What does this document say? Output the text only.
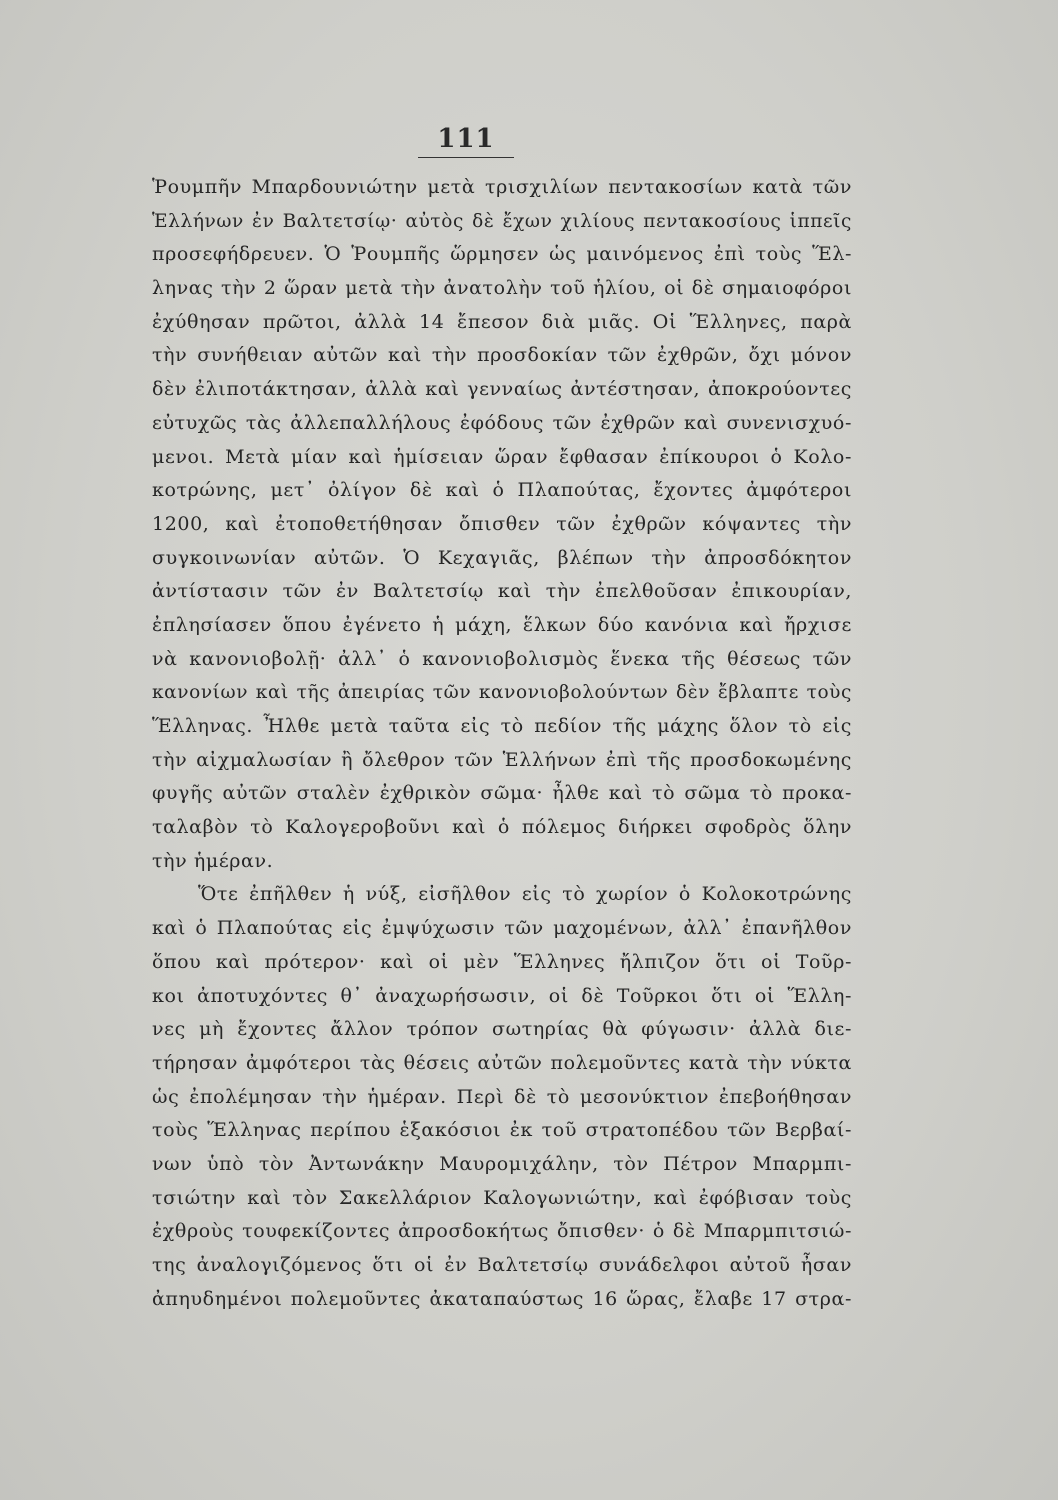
111
Ῥουμπῆν Μπαρδουνιώτην μετὰ τρισχιλίων πεντακοσίων κατὰ τῶν
Ἑλλήνων ἐν Βαλτετσίῳ· αὐτὸς δὲ ἔχων χιλίους πεντακοσίους ἱππεῖς
προσεφήδρευεν. Ὁ Ῥουμπῆς ὥρμησεν ὡς μαινόμενος ἐπὶ τοὺς Ἕλ-
ληνας τὴν 2 ὥραν μετὰ τὴν ἀνατολὴν τοῦ ἡλίου, οἱ δὲ σημαιοφόροι
ἐχύθησαν πρῶτοι, ἀλλὰ 14 ἔπεσον διὰ μιᾶς. Οἱ Ἕλληνες, παρὰ
τὴν συνήθειαν αὐτῶν καὶ τὴν προσδοκίαν τῶν ἐχθρῶν, ὄχι μόνον
δὲν ἐλιποτάκτησαν, ἀλλὰ καὶ γενναίως ἀντέστησαν, ἀποκρούοντες
εὐτυχῶς τὰς ἀλλεπαλλήλους ἐφόδους τῶν ἐχθρῶν καὶ συνενισχυό-
μενοι. Μετὰ μίαν καὶ ἡμίσειαν ὥραν ἔφθασαν ἐπίκουροι ὁ Κολο-
κοτρώνης, μετ᾽ ὀλίγον δὲ καὶ ὁ Πλαπούτας, ἔχοντες ἀμφότεροι
1200, καὶ ἐτοποθετήθησαν ὄπισθεν τῶν ἐχθρῶν κόψαντες τὴν
συγκοινωνίαν αὐτῶν. Ὁ Κεχαγιᾶς, βλέπων τὴν ἀπροσδόκητον
ἀντίστασιν τῶν ἐν Βαλτετσίῳ καὶ τὴν ἐπελθοῦσαν ἐπικουρίαν,
ἐπλησίασεν ὅπου ἐγένετο ἡ μάχη, ἕλκων δύο κανόνια καὶ ἤρχισε
νὰ κανονιοβολῇ· ἀλλ᾽ ὁ κανονιοβολισμὸς ἕνεκα τῆς θέσεως τῶν
κανονίων καὶ τῆς ἀπειρίας τῶν κανονιοβολούντων δὲν ἔβλαπτε τοὺς
Ἕλληνας. Ἦλθε μετὰ ταῦτα εἰς τὸ πεδίον τῆς μάχης ὅλον τὸ εἰς
τὴν αἰχμαλωσίαν ἢ ὄλεθρον τῶν Ἑλλήνων ἐπὶ τῆς προσδοκωμένης
φυγῆς αὐτῶν σταλὲν ἐχθρικὸν σῶμα· ἦλθε καὶ τὸ σῶμα τὸ προκα-
ταλαβὸν τὸ Καλογεροβοῦνι καὶ ὁ πόλεμος διήρκει σφοδρὸς ὅλην
τὴν ἡμέραν.
Ὅτε ἐπῆλθεν ἡ νύξ, εἰσῆλθον εἰς τὸ χωρίον ὁ Κολοκοτρώνης
καὶ ὁ Πλαπούτας εἰς ἐμψύχωσιν τῶν μαχομένων, ἀλλ᾽ ἐπανῆλθον
ὅπου καὶ πρότερον· καὶ οἱ μὲν Ἕλληνες ἤλπιζον ὅτι οἱ Τοῦρ-
κοι ἀποτυχόντες θ᾽ ἀναχωρήσωσιν, οἱ δὲ Τοῦρκοι ὅτι οἱ Ἕλλη-
νες μὴ ἔχοντες ἄλλον τρόπον σωτηρίας θὰ φύγωσιν· ἀλλὰ διε-
τήρησαν ἀμφότεροι τὰς θέσεις αὐτῶν πολεμοῦντες κατὰ τὴν νύκτα
ὡς ἐπολέμησαν τὴν ἡμέραν. Περὶ δὲ τὸ μεσονύκτιον ἐπεβοήθησαν
τοὺς Ἕλληνας περίπου ἑξακόσιοι ἐκ τοῦ στρατοπέδου τῶν Βερβαί-
νων ὑπὸ τὸν Ἀντωνάκην Μαυρομιχάλην, τὸν Πέτρον Μπαρμπι-
τσιώτην καὶ τὸν Σακελλάριον Καλογωνιώτην, καὶ ἐφόβισαν τοὺς
ἐχθροὺς τουφεκίζοντες ἀπροσδοκήτως ὄπισθεν· ὁ δὲ Μπαρμπιτσιώ-
της ἀναλογιζόμενος ὅτι οἱ ἐν Βαλτετσίῳ συνάδελφοι αὐτοῦ ἦσαν
ἀπηυδημένοι πολεμοῦντες ἀκαταπαύστως 16 ὥρας, ἔλαβε 17 στρα-
